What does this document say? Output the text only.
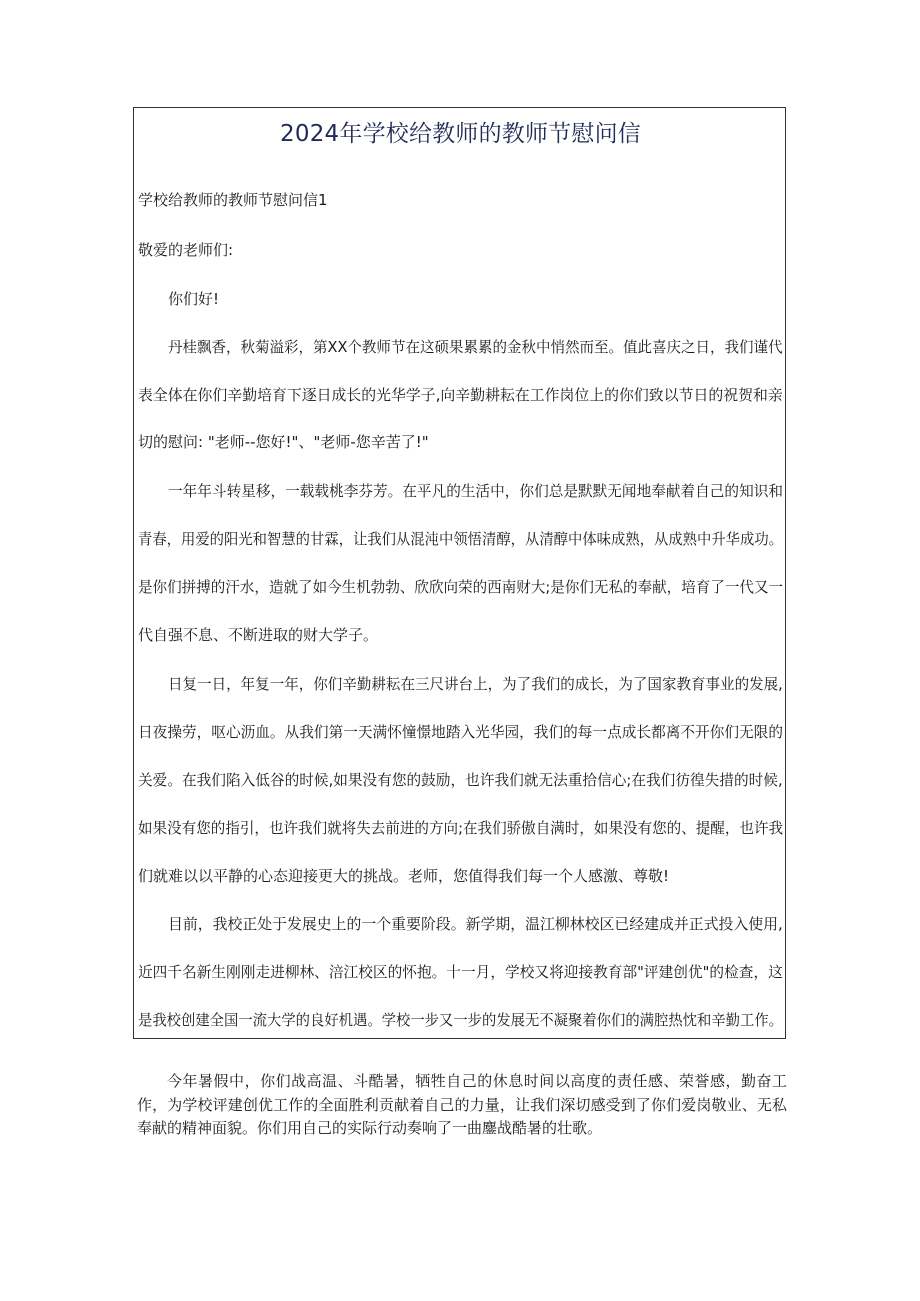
2024年学校给教师的教师节慰问信
学校给教师的教师节慰问信1
敬爱的老师们:
你们好!
丹桂飘香，秋菊溢彩，第XX个教师节在这硕果累累的金秋中悄然而至。值此喜庆之日，我们谨代
表全体在你们辛勤培育下逐日成长的光华学子,向辛勤耕耘在工作岗位上的你们致以节日的祝贺和亲
切的慰问: "老师--您好!"、"老师-您辛苦了!"
一年年斗转星移，一载载桃李芬芳。在平凡的生活中，你们总是默默无闻地奉献着自己的知识和
青春，用爱的阳光和智慧的甘霖，让我们从混沌中领悟清醇，从清醇中体味成熟，从成熟中升华成功。
是你们拼搏的汗水，造就了如今生机勃勃、欣欣向荣的西南财大;是你们无私的奉献，培育了一代又一
代自强不息、不断进取的财大学子。
日复一日，年复一年，你们辛勤耕耘在三尺讲台上，为了我们的成长，为了国家教育事业的发展,
日夜操劳，呕心沥血。从我们第一天满怀憧憬地踏入光华园，我们的每一点成长都离不开你们无限的
关爱。在我们陷入低谷的时候,如果没有您的鼓励，也许我们就无法重拾信心;在我们彷徨失措的时候,
如果没有您的指引，也许我们就将失去前进的方向;在我们骄傲自满时，如果没有您的、提醒，也许我
们就难以以平静的心态迎接更大的挑战。老师，您值得我们每一个人感激、尊敬!
目前，我校正处于发展史上的一个重要阶段。新学期，温江柳林校区已经建成并正式投入使用,
近四千名新生刚刚走进柳林、涪江校区的怀抱。十一月，学校又将迎接教育部"评建创优"的检查，这
是我校创建全国一流大学的良好机遇。学校一步又一步的发展无不凝聚着你们的满腔热忱和辛勤工作。
今年暑假中，你们战高温、斗酷暑，牺牲自己的休息时间以高度的责任感、荣誉感，勤奋工作，为学校评建创优工作的全面胜利贡献着自己的力量，让我们深切感受到了你们爱岗敬业、无私奉献的精神面貌。你们用自己的实际行动奏响了一曲鏖战酷暑的壮歌。
